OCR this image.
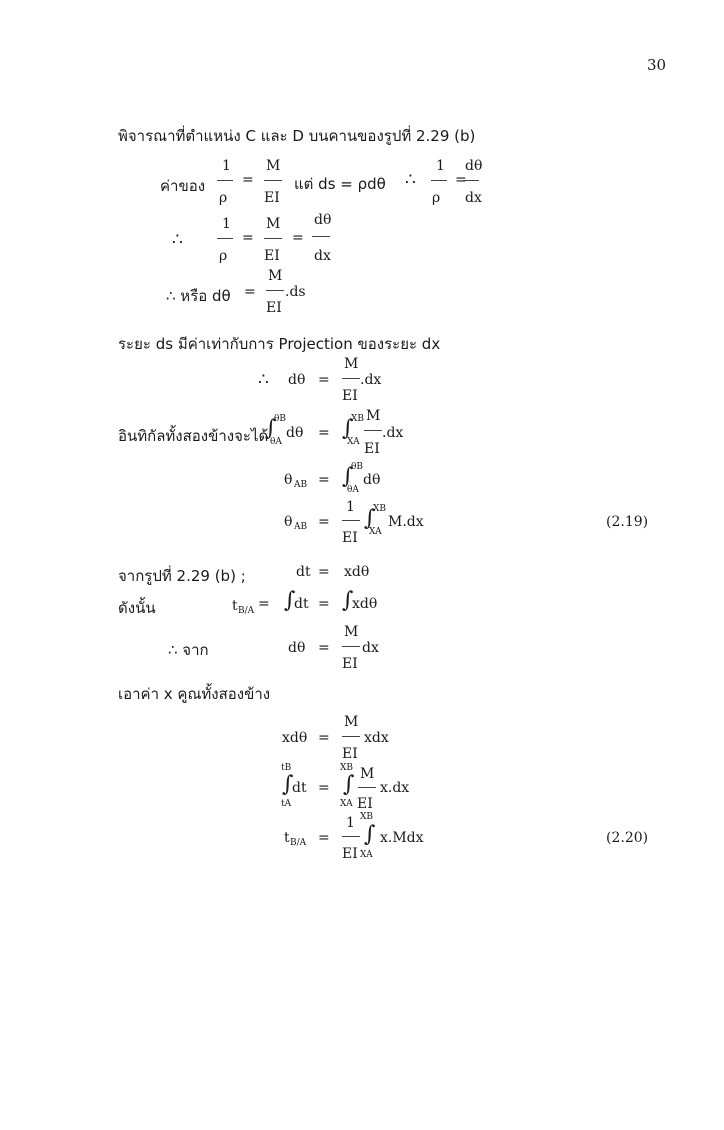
30
พิจารณาที่ตำแหน่ง C และ D บนคานของรูปที่ 2.29 (b)
ค่าของ
1
ρ
=
M
EI
แต่ ds = ρdθ ∴
1
ρ
=
dθ
dx
∴
1
ρ
=
M
EI
=
dθ
dx
∴ หรือ dθ =
M
.ds
EI
ระยะ ds มีค่าเท่ากับการ Projection ของระยะ dx
∴ dθ =
M
.dx
EI
อินทิกัลทั้งสองข้างจะได้
∫
θB
θA
dθ = ∫
XB
XA
M
.dx
EI
θ AB = ∫
θB
θA
dθ
θ AB =
1
EI
∫
XB
XA
M.dx	(2.19)
จากรูปที่ 2.29 (b) ;	dt = xdθ
ดังนั้น	t B/A = ∫
dt = ∫
xdθ
∴ จาก	dθ =
M
dx
EI
เอาค่า x คูณทั้งสองข้าง
xdθ =
M
xdx
EI
tB
∫
tA
dt =
XB
∫
XA
M
x.dx
EI
t B/A =
1
EI
XB
∫
XA
x.Mdx	(2.20)
